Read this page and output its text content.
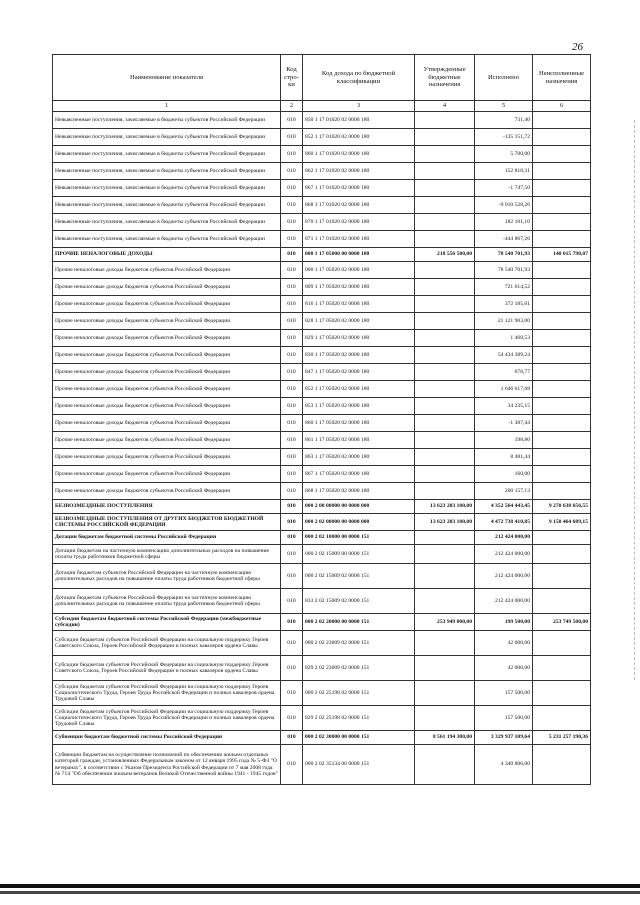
26
Наименование показателя	Код стро-ки	Код дохода по бюджетной классификации	Утвержденные бюджетные назначения	Исполнено	Неисполненные назначения
1	2	3	4	5	6
Невыясненные поступления, зачисляемые в бюджеты субъектов Российской Федерации	010	850 1 17 01020 02 0000 180		731,40	
Невыясненные поступления, зачисляемые в бюджеты субъектов Российской Федерации	010	852 1 17 01020 02 0000 180		-135 151,72	
Невыясненные поступления, зачисляемые в бюджеты субъектов Российской Федерации	010	860 1 17 01020 02 0000 180		5 700,00	
Невыясненные поступления, зачисляемые в бюджеты субъектов Российской Федерации	010	862 1 17 01020 02 0000 180		152 818,31	
Невыясненные поступления, зачисляемые в бюджеты субъектов Российской Федерации	010	867 1 17 01020 02 0000 180		-1 747,50	
Невыясненные поступления, зачисляемые в бюджеты субъектов Российской Федерации	010	868 1 17 01020 02 0000 180		-9 010 528,26	
Невыясненные поступления, зачисляемые в бюджеты субъектов Российской Федерации	010	870 1 17 01020 02 0000 180		182 101,10	
Невыясненные поступления, зачисляемые в бюджеты субъектов Российской Федерации	010	871 1 17 01020 02 0000 180		-444 867,26	
ПРОЧИЕ НЕНАЛОГОВЫЕ ДОХОДЫ	010	000 1 17 05000 00 0000 180	218 556 500,00	78 540 701,93	140 015 798,07
Прочие неналоговые доходы бюджетов субъектов Российской Федерации	010	000 1 17 05020 02 0000 180		78 540 701,93	
Прочие неналоговые доходы бюджетов субъектов Российской Федерации	010	809 1 17 05020 02 0000 180		721 614,52	
Прочие неналоговые доходы бюджетов субъектов Российской Федерации	010	816 1 17 05020 02 0000 180		372 185,01	
Прочие неналоговые доходы бюджетов субъектов Российской Федерации	010	828 1 17 05020 02 0000 180		21 121 903,00	
Прочие неналоговые доходы бюджетов субъектов Российской Федерации	010	829 1 17 05020 02 0000 180		1 468,53	
Прочие неналоговые доходы бюджетов субъектов Российской Федерации	010	830 1 17 05020 02 0000 180		54 434 389,24	
Прочие неналоговые доходы бюджетов субъектов Российской Федерации	010	847 1 17 05020 02 0000 180		678,77	
Прочие неналоговые доходы бюджетов субъектов Российской Федерации	010	852 1 17 05020 02 0000 180		1 646 617,68	
Прочие неналоговые доходы бюджетов субъектов Российской Федерации	010	853 1 17 05020 02 0000 180		34 235,15	
Прочие неналоговые доходы бюджетов субъектов Российской Федерации	010	860 1 17 05020 02 0000 180		-1 387,44	
Прочие неналоговые доходы бюджетов субъектов Российской Федерации	010	861 1 17 05020 02 0000 180		198,80	
Прочие неналоговые доходы бюджетов субъектов Российской Федерации	010	863 1 17 05020 02 0000 180		8 481,44	
Прочие неналоговые доходы бюджетов субъектов Российской Федерации	010	867 1 17 05020 02 0000 180		160,00	
Прочие неналоговые доходы бюджетов субъектов Российской Федерации	010	868 1 17 05020 02 0000 180		200 157,13	
БЕЗВОЗМЕЗДНЫЕ ПОСТУПЛЕНИЯ	010	000 2 00 00000 00 0000 000	13 623 203 100,00	4 352 564 443,45	9 270 638 656,55
БЕЗВОЗМЕЗДНЫЕ ПОСТУПЛЕНИЯ ОТ ДРУГИХ БЮДЖЕТОВ БЮДЖЕТНОЙ СИСТЕМЫ РОССИЙСКОЙ ФЕДЕРАЦИИ	010	000 2 02 00000 00 0000 000	13 623 203 100,00	4 472 738 410,85	9 150 464 689,15
Дотации бюджетам бюджетной системы Российской Федерации	010	000 2 02 10000 00 0000 151		212 424 000,00	
Дотации бюджетам на частичную компенсацию дополнительных расходов на повышение оплаты труда работников бюджетной сферы	010	000 2 02 15009 00 0000 151		212 424 000,00	
Дотации бюджетам субъектов Российской Федерации на частичную компенсацию дополнительных расходов на повышение оплаты труда работников бюджетной сферы	010	000 2 02 15009 02 0000 151		212 424 000,00	
Дотации бюджетам субъектов Российской Федерации на частичную компенсацию дополнительных расходов на повышение оплаты труда работников бюджетной сферы	010	833 2 02 15009 02 0000 151		212 424 000,00	
Субсидии бюджетам бюджетной системы Российской Федерации (межбюджетные субсидии)	010	000 2 02 20000 00 0000 151	253 949 000,00	199 500,00	253 749 500,00
Субсидии бюджетам субъектов Российской Федерации на социальную поддержку Героев Советского Союза, Героев Российской Федерации и полных кавалеров ордена Славы	010	000 2 02 23009 02 0000 151		42 000,00	
Субсидии бюджетам субъектов Российской Федерации на социальную поддержку Героев Советского Союза, Героев Российской Федерации и полных кавалеров ордена Славы	010	829 2 02 23009 02 0000 151		42 000,00	
Субсидии бюджетам субъектов Российской Федерации на социальную поддержку Героев Социалистического Труда, Героев Труда Российской Федерации и полных кавалеров ордена Трудовой Славы	010	000 2 02 25198 02 0000 151		157 500,00	
Субсидии бюджетам субъектов Российской Федерации на социальную поддержку Героев Социалистического Труда, Героев Труда Российской Федерации и полных кавалеров ордена Трудовой Славы	010	829 2 02 25198 02 0000 151		157 500,00	
Субвенции бюджетам бюджетной системы Российской Федерации	010	000 2 02 30000 00 0000 151	8 561 194 300,00	3 329 937 109,64	5 231 257 190,36
Субвенции бюджетам на осуществление полномочий по обеспечению жильем отдельных категорий граждан, установленных Федеральным законом от 12 января 1995 года № 5-ФЗ "О ветеранах", в соответствии с Указом Президента Российской Федерации от 7 мая 2008 года № 714 "Об обеспечении жильем ветеранов Великой Отечественной войны 1941 - 1945 годов"	010	000 2 02 35134 00 0000 151		4 340 806,00	
